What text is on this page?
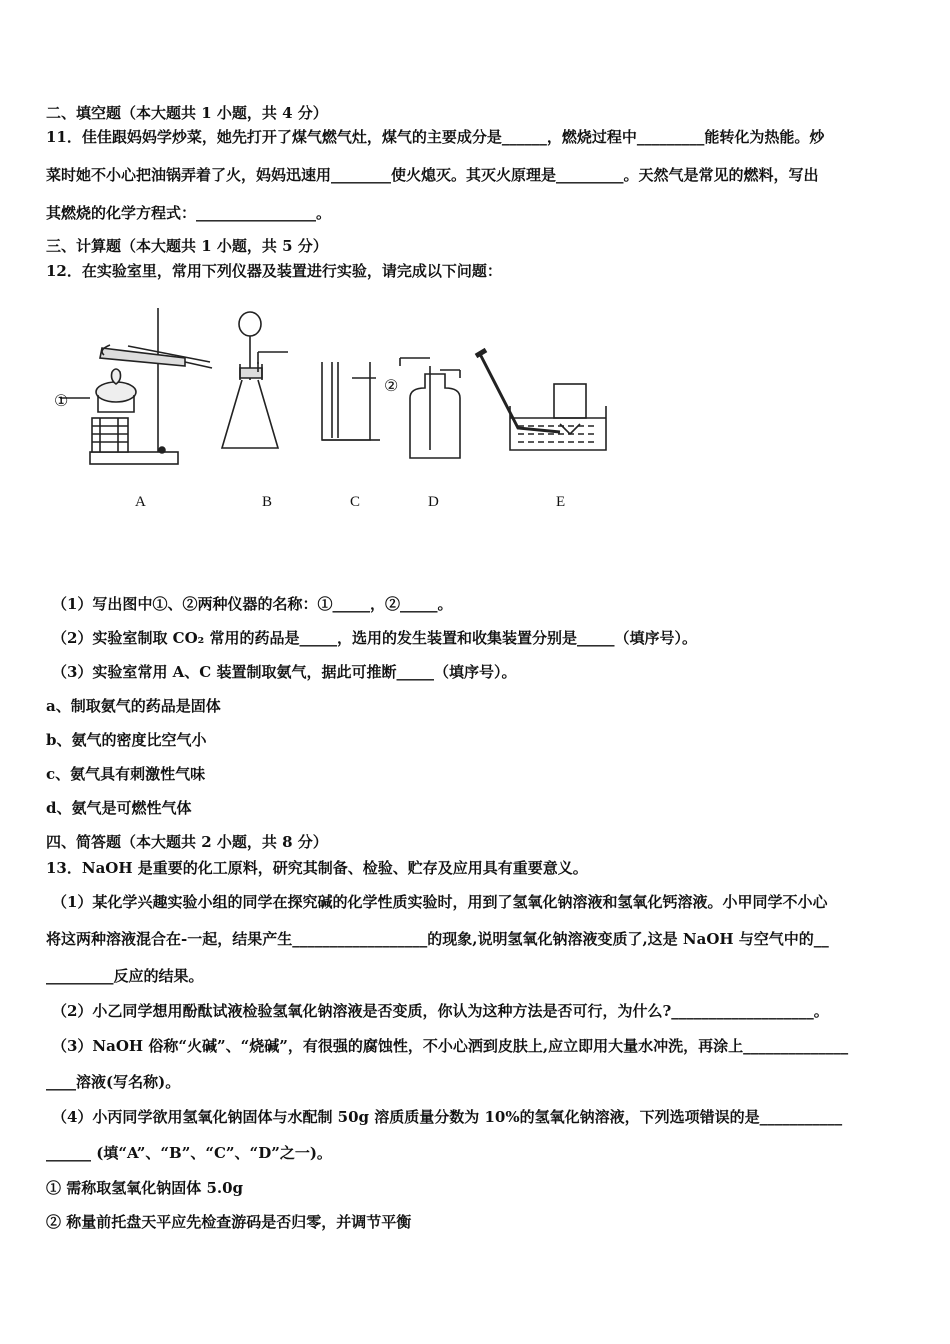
二、填空题（本大题共 1 小题，共 4 分）
11．佳佳跟妈妈学炒菜，她先打开了煤气燃气灶，煤气的主要成分是______，燃烧过程中_________能转化为热能。炒
菜时她不小心把油锅弄着了火，妈妈迅速用________使火熄灭。其灭火原理是_________。天然气是常见的燃料，写出
其燃烧的化学方程式：________________。
三、计算题（本大题共 1 小题，共 5 分）
12．在实验室里，常用下列仪器及装置进行实验，请完成以下问题：
①
②
A	B	C	D	E
（1）写出图中①、②两种仪器的名称：①_____，②_____。
（2）实验室制取 CO₂ 常用的药品是_____，选用的发生装置和收集装置分别是_____（填序号）。
（3）实验室常用 A、C 装置制取氨气，据此可推断_____（填序号）。
a、制取氨气的药品是固体
b、氨气的密度比空气小
c、氨气具有刺激性气味
d、氨气是可燃性气体
四、简答题（本大题共 2 小题，共 8 分）
13．NaOH 是重要的化工原料，研究其制备、检验、贮存及应用具有重要意义。
（1）某化学兴趣实验小组的同学在探究碱的化学性质实验时，用到了氢氧化钠溶液和氢氧化钙溶液。小甲同学不小心
将这两种溶液混合在-一起，结果产生__________________的现象,说明氢氧化钠溶液变质了,这是 NaOH 与空气中的__
_________反应的结果。
（2）小乙同学想用酚酞试液检验氢氧化钠溶液是否变质，你认为这种方法是否可行，为什么?___________________。
（3）NaOH 俗称“火碱”、“烧碱”，有很强的腐蚀性，不小心洒到皮肤上,应立即用大量水冲洗，再涂上______________
____溶液(写名称)。
（4）小丙同学欲用氢氧化钠固体与水配制 50g 溶质质量分数为 10%的氢氧化钠溶液，下列选项错误的是___________
______ (填“A”、“B”、“C”、“D”之一)。
① 需称取氢氧化钠固体 5.0g
② 称量前托盘天平应先检查游码是否归零，并调节平衡
